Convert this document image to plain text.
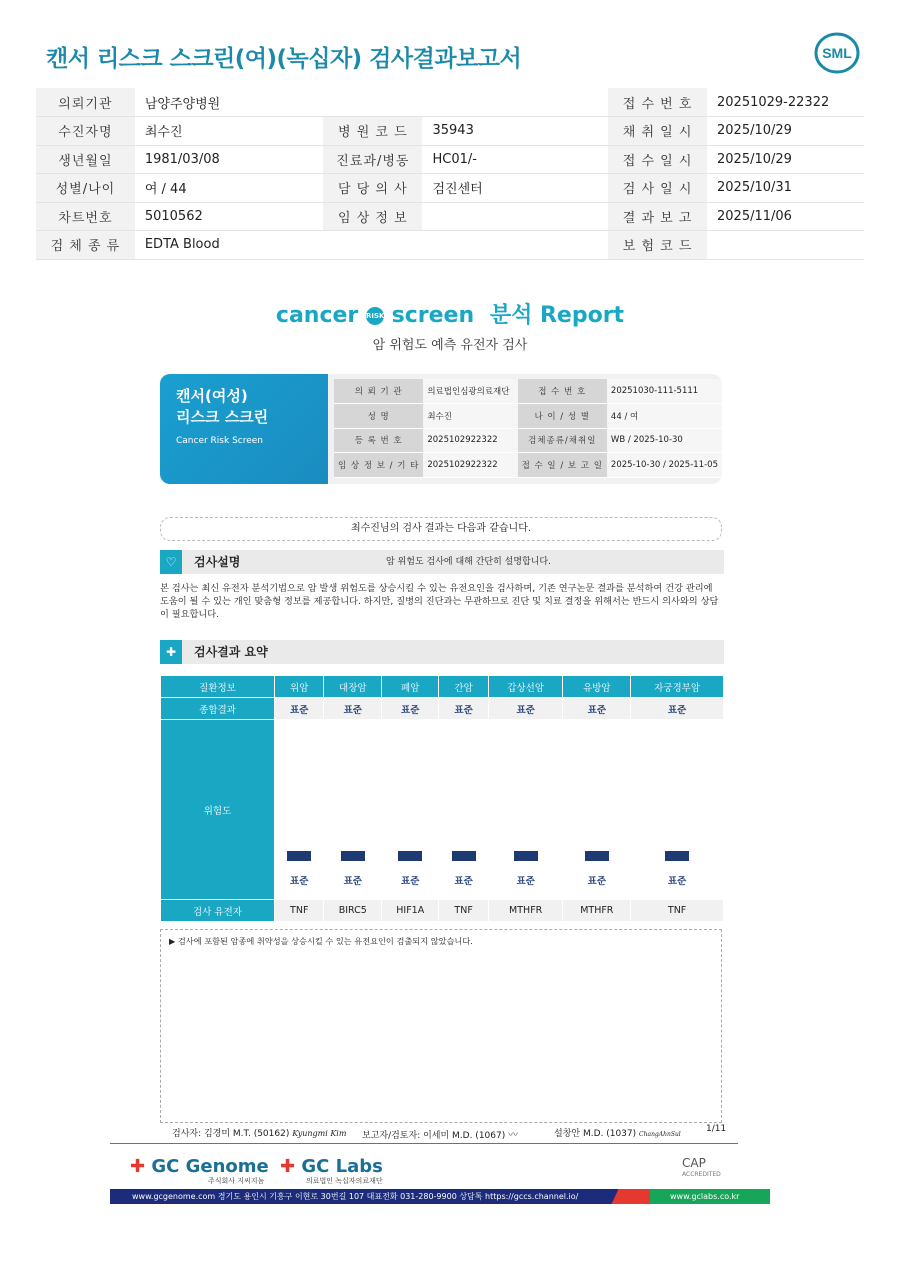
캔서 리스크 스크린(여)(녹십자) 검사결과보고서	SML
의뢰기관	남양주양병원			접 수 번 호	20251029-22322
수진자명	최수진	병 원 코 드	35943	채 취 일 시	2025/10/29
생년월일	1981/03/08	진료과/병동	HC01/-	접 수 일 시	2025/10/29
성별/나이	여 / 44	담 당 의 사	검진센터	검 사 일 시	2025/10/31
차트번호	5010562	임 상 정 보		결 과 보 고	2025/11/06
검 체 종 류	EDTA Blood			보 험 코 드	
cancer RISK screen 분석 Report
암 위험도 예측 유전자 검사
캔서(여성)
리스크 스크린
Cancer Risk Screen
의 뢰 기 관	의료법인심광의료재단	접 수 번 호	20251030-111-5111
성 명	최수진	나 이 / 성 별	44 / 여
등 록 번 호	2025102922322	검체종류/채취일	WB / 2025-10-30
임 상 정 보 / 기 타	2025102922322	접 수 일 / 보 고 일	2025-10-30 / 2025-11-05
최수진님의 검사 결과는 다음과 같습니다.
♡	검사설명	암 위험도 검사에 대해 간단히 설명합니다.
본 검사는 최신 유전자 분석기법으로 암 발생 위험도를 상승시킬 수 있는 유전요인을 검사하며, 기존 연구논문 결과를 분석하여 건강 관리에 도움이 될 수 있는 개인 맞춤형 정보를 제공합니다. 하지만, 질병의 진단과는 무관하므로 진단 및 치료 결정을 위해서는 반드시 의사와의 상담이 필요합니다.
✚	검사결과 요약
질환정보	위암	대장암	폐암	간암	갑상선암	유방암	자궁경부암
종합결과	표준	표준	표준	표준	표준	표준	표준
위험도	표준	표준	표준	표준	표준	표준	표준

검사 유전자	TNF	BIRC5	HIF1A	TNF	MTHFR	MTHFR	TNF
▶ 검사에 포함된 암종에 취약성을 상승시킬 수 있는 유전요인이 검출되지 않았습니다.
검사자: 김경미 M.T. (50162) Kyungmi Kim 보고자/검토자: 이세미 M.D. (1067) 〰	설창안 M.D. (1037) ChangAhnSul
1/11
✚ GC Genome
주식회사 지씨지놈
✚ GC Labs
의료법인 녹십자의료재단
CAP
ACCREDITED
www.gcgenome.com 경기도 용인시 기흥구 이현로 30번길 107 대표전화 031-280-9900 상담톡 https://gccs.channel.io/	www.gclabs.co.kr
